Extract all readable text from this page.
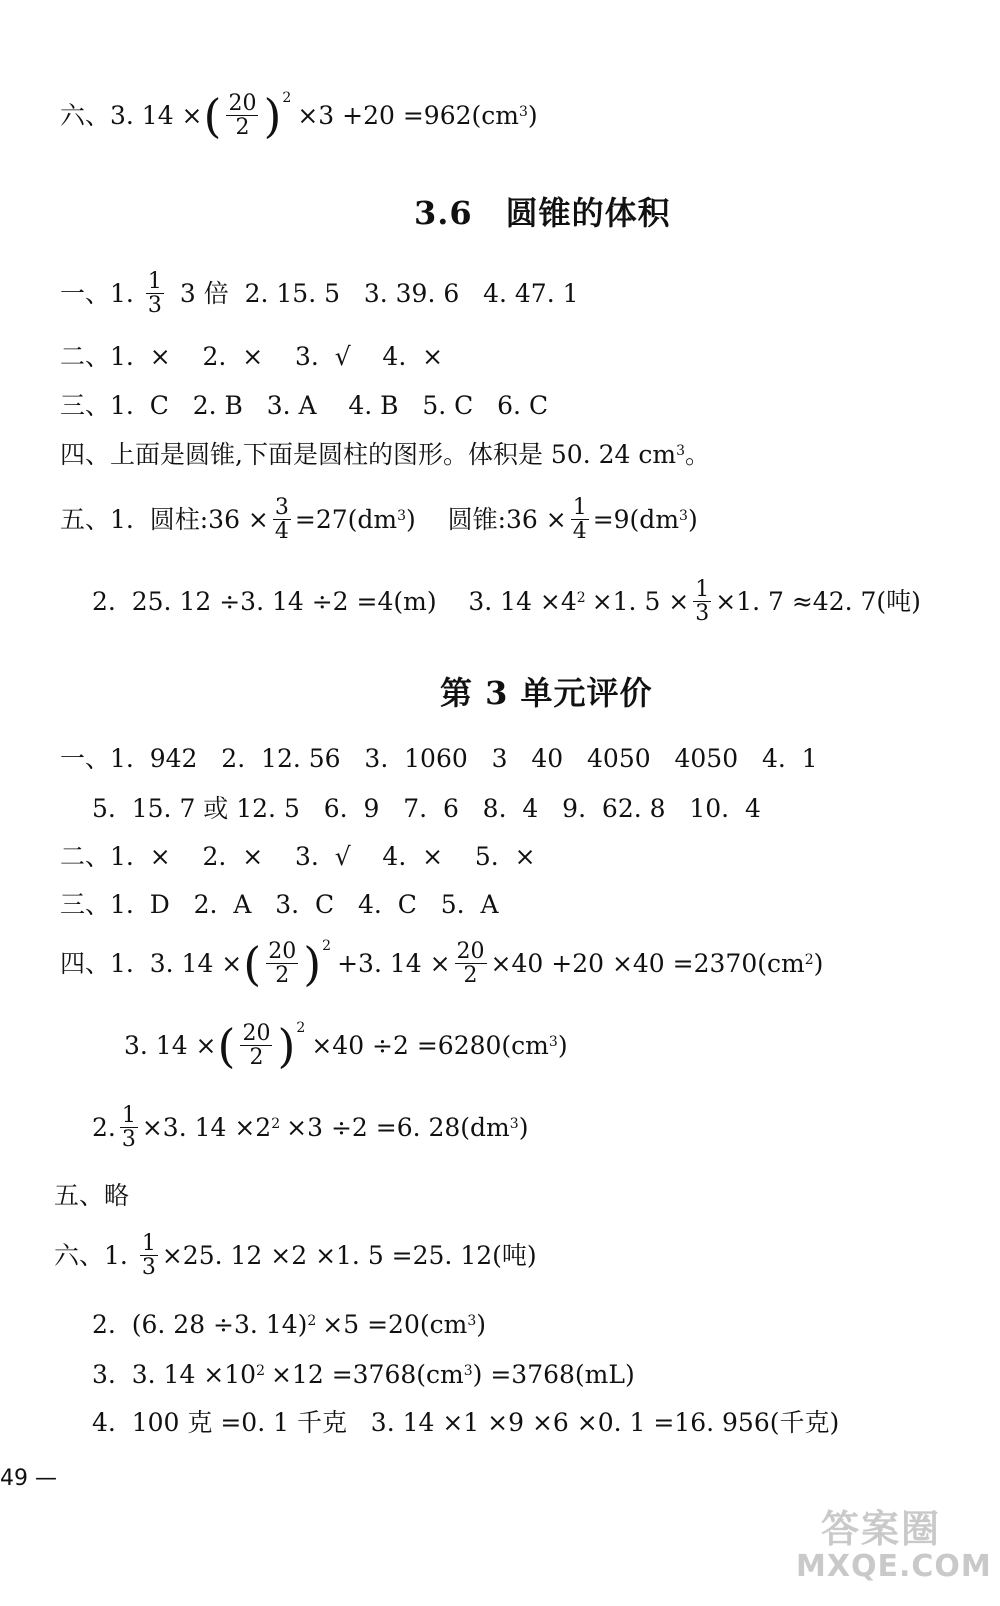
六、3. 14 × ( $\frac{20}{2} )^2$
$\times 3 +20 =962(cm^3$ )
3.6　圆锥的体积
一、1. $\frac{1}{3} 3$ 倍  2. 15. 5   3. 39. 6   4. 47. 1
二、1.  ×    2.  ×    3.  √    4.  ×
三、1.  C   2. B   3. A    4. B   5. C   6. C
四、上面是圆锥,下面是圆柱的图形。体积是 50. 24 $cm^3$ 。
五、1.  圆柱:36 × $\frac{3}{4} =27(dm^3$ )    圆锥:36 × $\frac{1}{4} =9(dm^3$ )
2.  25. 12 ÷3. 14 ÷2 =4(m)    3. $14 \times 4^2 \times 1$. $5 \times \frac{1}{3} \times 1$. 7 ≈42. 7(吨)
第 3 单元评价
一、1.  942   2.  12. 56   3.  1060   3   40   4050   4050   4.  1
5.  15. 7 或 12. 5   6.  9   7.  6   8.  4   9.  62. 8   10.  4
二、1.  ×    2.  ×    3.  √    4.  ×    5.  ×
三、1.  D   2.  A   3.  C   4.  C   5.  A
四、1.  3. 14 × ( $\frac{20}{2} )^2$
+3. $14 \times \frac{20}{2} \times 40 +20 \times 40 =2370(cm^2$ )
3. 14 × ( $\frac{20}{2} )^2$
$\times 40 \div 2 =6280(cm^3$ )
2. $\frac{1}{3} \times 3$. $14 \times 2^2 \times 3 \div 2 =6$. $28(dm^3$ )
五、略
六、1. $\frac{1}{3} \times 25$. 12 ×2 ×1. 5 =25. 12(吨)
2.  (6. 28 ÷3. $14)^2 \times 5 =20(cm^3$ )
3.  3. $14 \times 10^2 \times 12 =3768(cm^3$ ) =3768(mL)
4.  100 克 =0. 1 千克   3. 14 ×1 ×9 ×6 ×0. 1 =16. 956(千克)
49 —
答案圈
MXQE.COM
